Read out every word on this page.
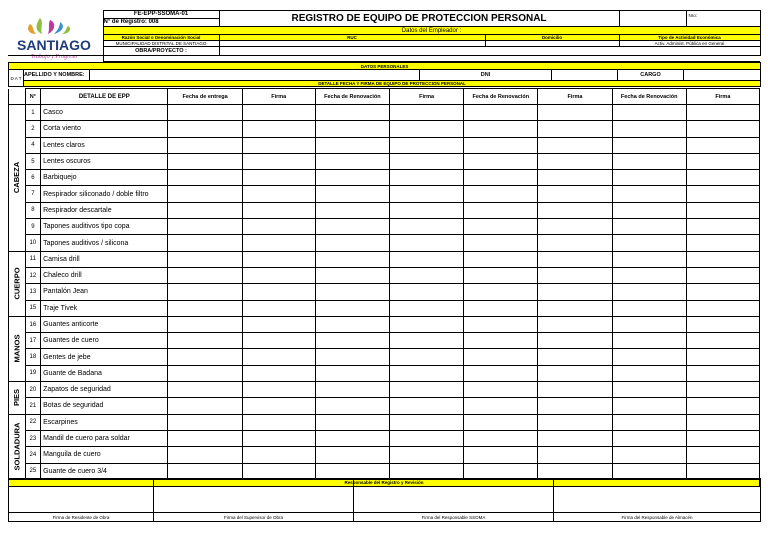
SANTIAGO
Trabajo y Progreso
	FE-EPP-SSOMA-01	REGISTRO DE EQUIPO DE PROTECCION PERSONAL			Nro:
	N° de Registro: 008				
	Datos del Empleador :				
	Razón Social o Denominación Social	RUC	Domicilio	Tipo de Actividad Económica	
	MUNICIPALIDAD DISTRITAL DE SANTIAGO			Activ. Administ. Pública en General	
	OBRA/PROYECTO :				

DATOS PERSONALES
D A T	APELLIDO Y NOMBRE:		DNI		CARGO	
DETALLE FECHA Y FIRMA DE EQUIPO DE PROTECCION PERSONAL
	N°	DETALLE DE EPP	Fecha de entrega	Firma	Fecha de Renovación	Firma	Fecha de Renovación	Firma	Fecha de Renovación	Firma

CABEZA	1	Casco								
	2	Corta viento								
	4	Lentes claros								
	5	Lentes oscuros								
	6	Barbiquejo								
	7	Respirador siliconado / doble filtro								
	8	Respirador descartale								
	9	Tapones auditivos tipo copa								
	10	Tapones auditivos / silicona								

CUERPO	11	Camisa drill								
	12	Chaleco drill								
	13	Pantalón Jean								
	15	Traje Tivek								

MANOS	16	Guantes anticorte								
	17	Guantes de cuero								
	18	Gentes de jebe								
	19	Guante de Badana								

PIES	20	Zapatos de seguridad								
	21	Botas de seguridad								

SOLDADURA	22	Escarpines								
	23	Mandil de cuero para soldar								
	24	Manguila de cuero								
	25	Guante de cuero 3/4								
Responsable del Registro y Revisión										

Firma de Residente de Obra	Firma del Supervisor de Obra	Firma del Responsable SSOMA	Firma del Responsable de Almacén
